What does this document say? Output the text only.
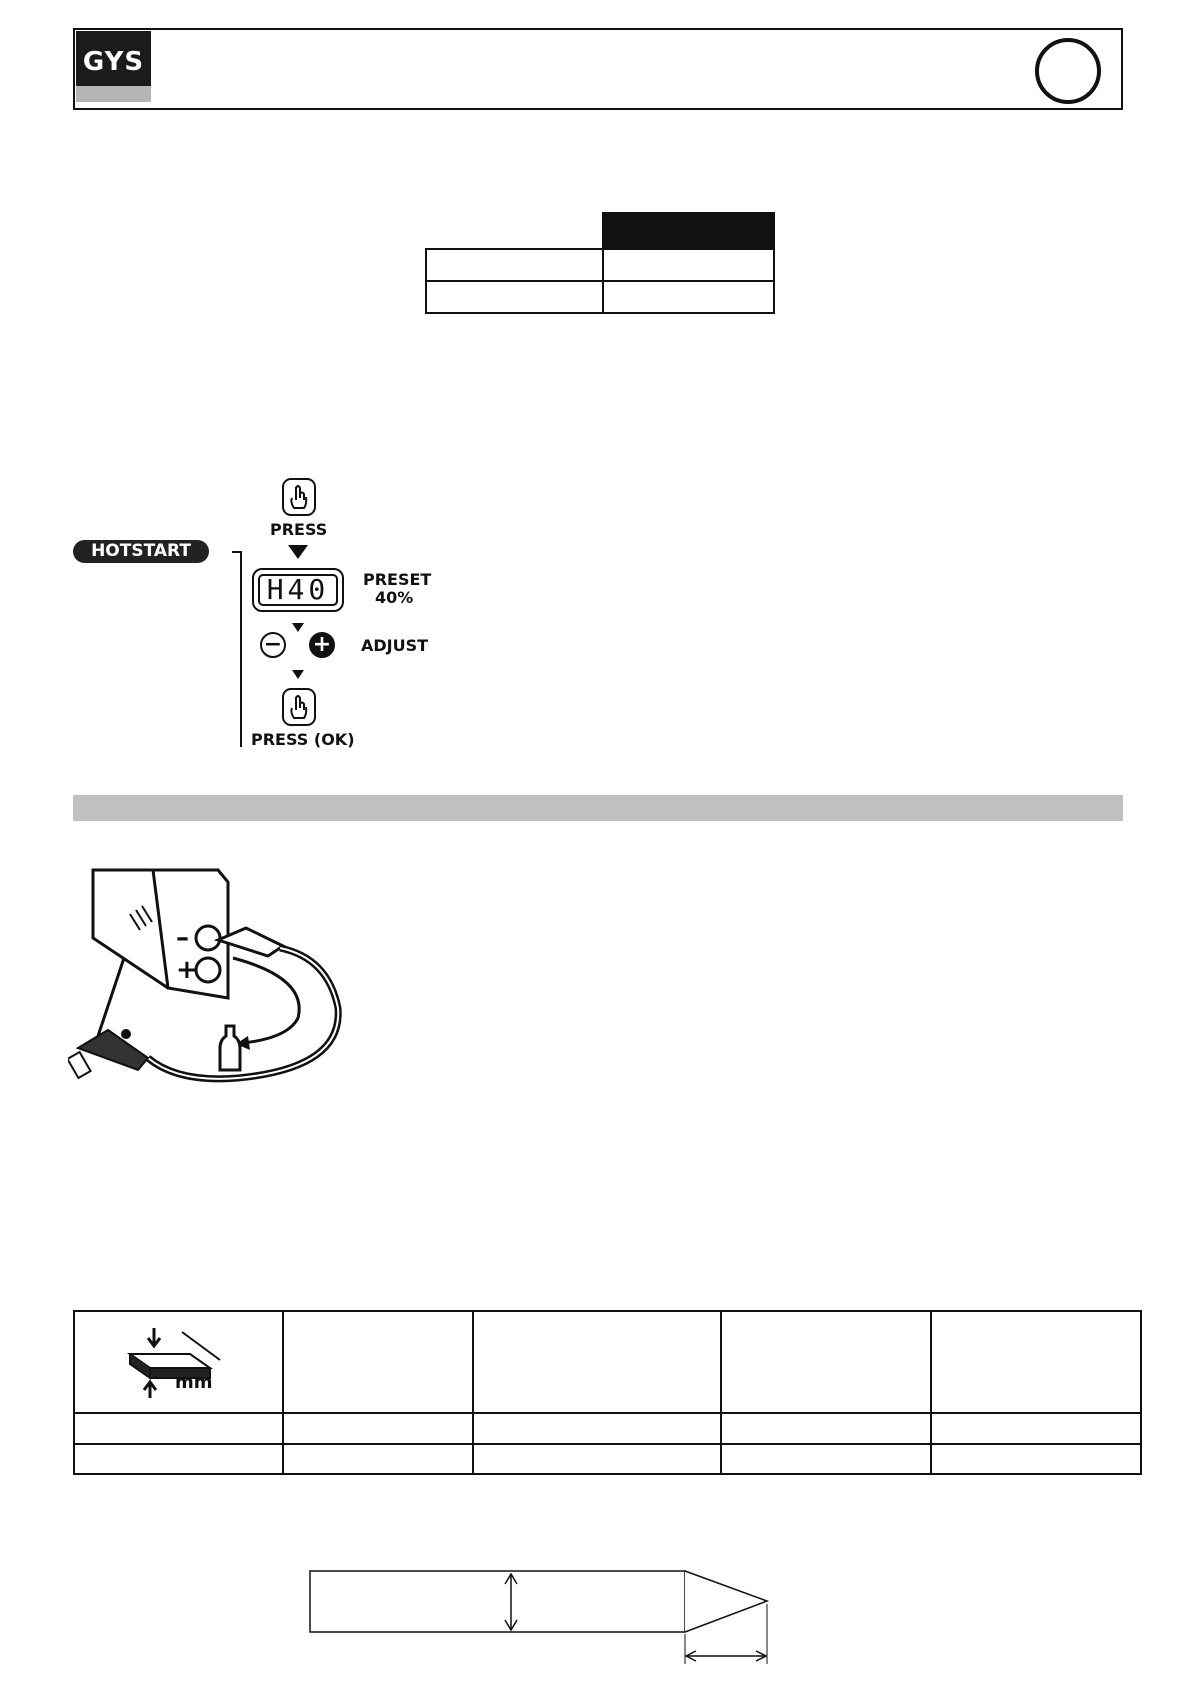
GYS
HOTSTART
PRESS
H40	PRESET
40%
− + ADJUST
PRESS (OK)
–
+
mm
